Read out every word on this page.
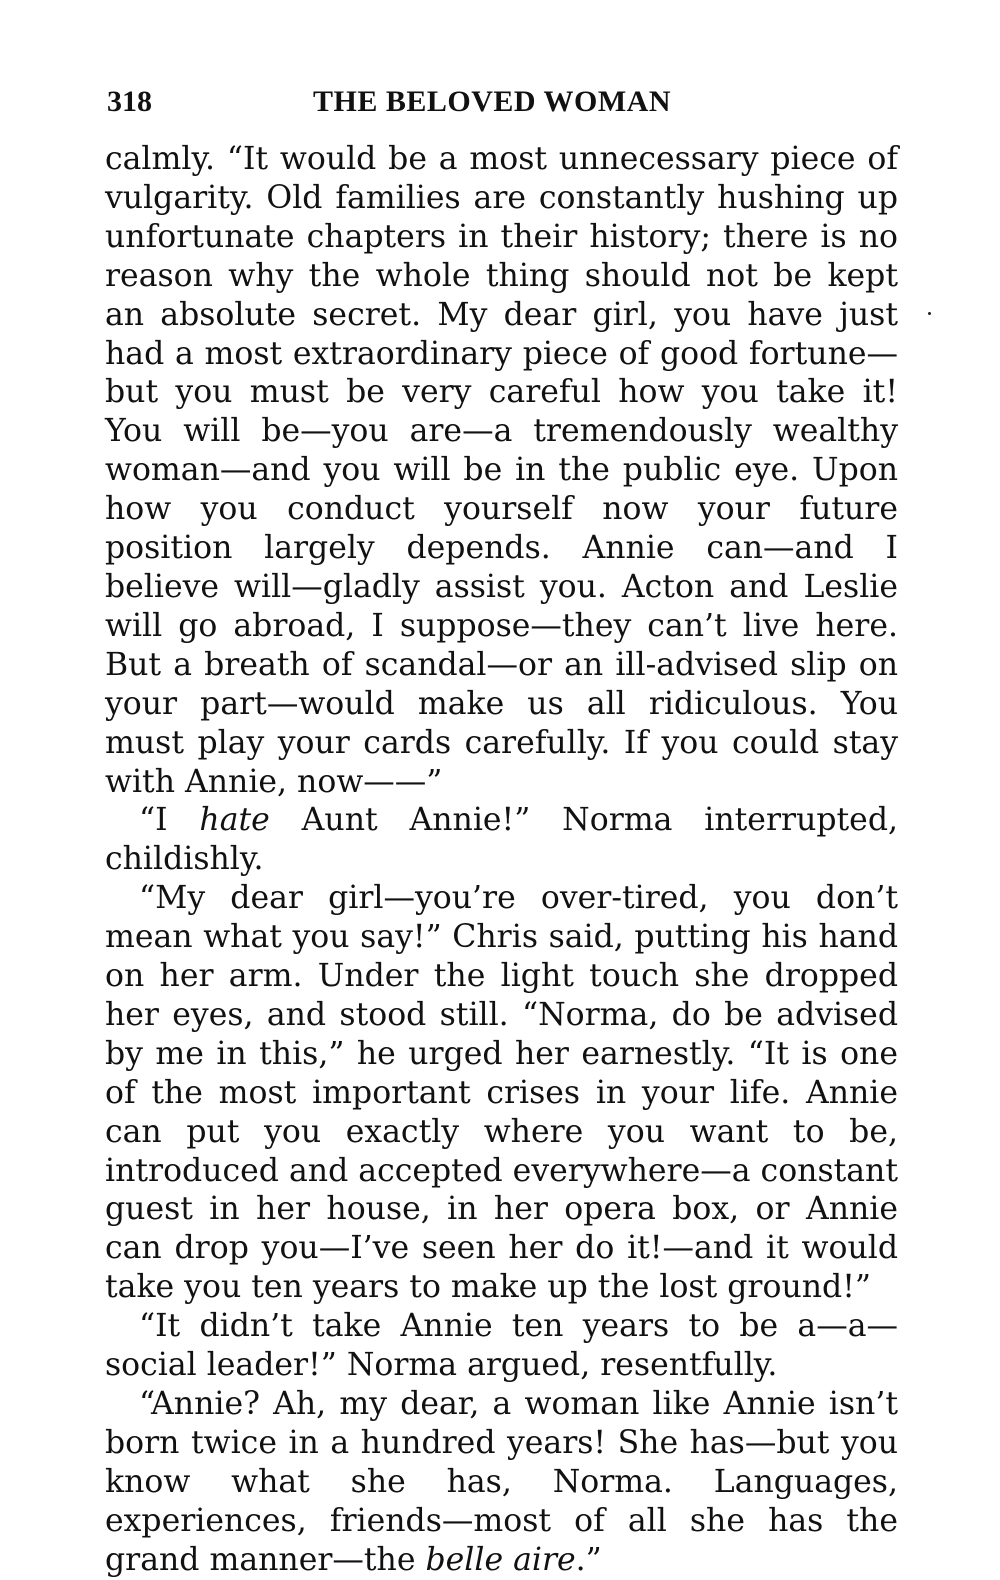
318	THE BELOVED WOMAN

calmly. “It would be a most unnecessary piece of vulgarity. Old families are constantly hushing up unfortunate chapters in their history; there is no reason why the whole thing should not be kept an absolute secret. My dear girl, you have just had a most extraordinary piece of good fortune—but you must be very careful how you take it! You will be—you are—a tremendously wealthy woman—and you will be in the public eye. Upon how you conduct yourself now your future position largely depends. Annie can—and I believe will—gladly assist you. Acton and Leslie will go abroad, I suppose—they can’t live here. But a breath of scandal—or an ill-advised slip on your part—would make us all ridiculous. You must play your cards carefully. If you could stay with Annie, now——”

“I hate Aunt Annie!” Norma interrupted, childishly.

“My dear girl—you’re over-tired, you don’t mean what you say!” Chris said, putting his hand on her arm. Under the light touch she dropped her eyes, and stood still. “Norma, do be advised by me in this,” he urged her earnestly. “It is one of the most important crises in your life. Annie can put you exactly where you want to be, introduced and accepted everywhere—a constant guest in her house, in her opera box, or Annie can drop you—I’ve seen her do it!—and it would take you ten years to make up the lost ground!”

“It didn’t take Annie ten years to be a—a—social leader!” Norma argued, resentfully.

“Annie? Ah, my dear, a woman like Annie isn’t born twice in a hundred years! She has—but you know what she has, Norma. Languages, experiences, friends—most of all she has the grand manner—the belle aire.”
